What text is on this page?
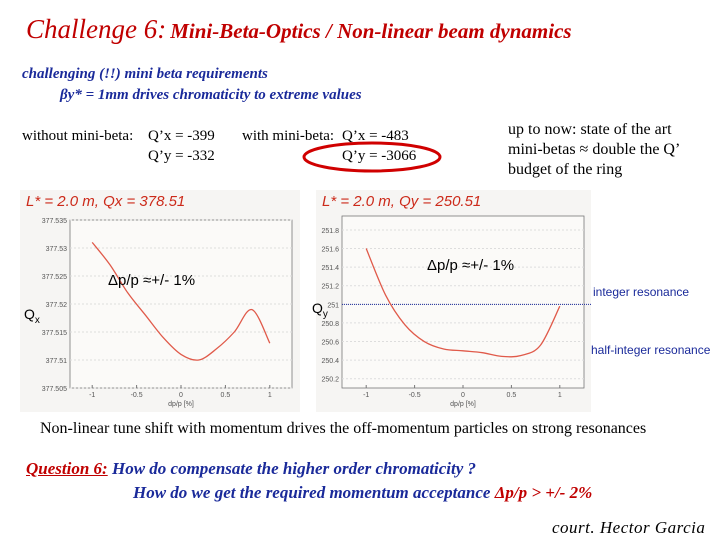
Challenge 6: Mini-Beta-Optics / Non-linear beam dynamics
challenging (!!) mini beta requirements
βy* = 1mm drives chromaticity to extreme values
without mini-beta: Q’x = -399
Q’y = -332
with mini-beta: Q’x = -483
Q’y = -3066
up to now: state of the art mini-betas ≈ double the Q’ budget of the ring
L* = 2.0 m, Qx = 378.51
377.535
377.53
377.525
377.52
377.515
377.51
377.505
-1	-0.5	0	0.5	1
dp/p [%]
L* = 2.0 m, Qy = 250.51
251.8
251.6
251.4
251.2
251
250.8
250.6
250.4
250.2
-1	-0.5	0	0.5	1
dp/p [%]
Δp/p ≈+/- 1%
Δp/p ≈+/- 1%
$Q_x$
$Q_y$
integer resonance
half-integer resonance
Non-linear tune shift with momentum drives the off-momentum particles on strong resonances
Question 6: How do compensate the higher order chromaticity ?
How do we get the required momentum acceptance Δp/p > +/- 2%
court. Hector Garcia
